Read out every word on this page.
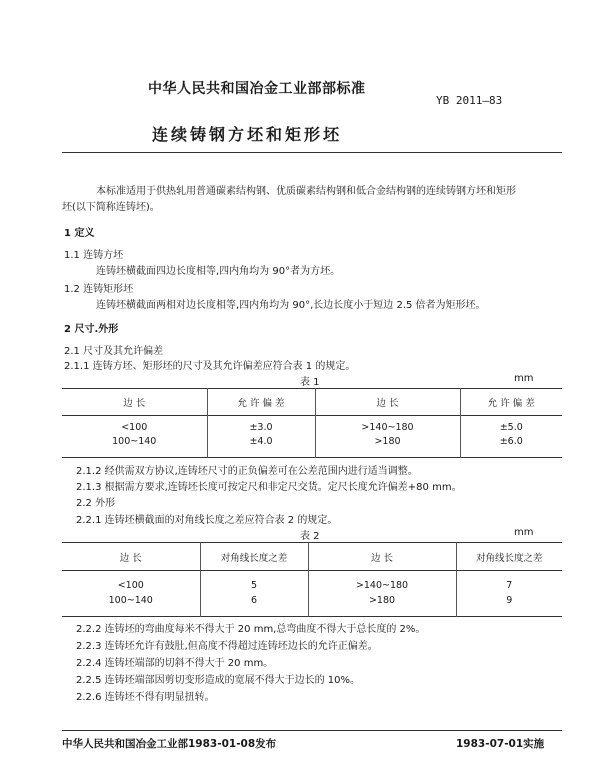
中华人民共和国冶金工业部部标准
YB 2011—83
连续铸钢方坯和矩形坯
本标准适用于供热轧用普通碳素结构钢、优质碳素结构钢和低合金结构钢的连续铸钢方坯和矩形
坯(以下简称连铸坯)。
1 定义
1.1 连铸方坯
连铸坯横截面四边长度相等,四内角均为 90°者为方坯。
1.2 连铸矩形坯
连铸坯横截面两相对边长度相等,四内角均为 90°,长边长度小于短边 2.5 倍者为矩形坯。
2 尺寸.外形
2.1 尺寸及其允许偏差
2.1.1 连铸方坯、矩形坯的尺寸及其允许偏差应符合表 1 的规定。
表 1	mm
边 长	允 许 偏 差	边 长	允 许 偏 差
<100	±3.0	>140~180	±5.0
100~140	±4.0	>180	±6.0
2.1.2 经供需双方协议,连铸坯尺寸的正负偏差可在公差范围内进行适当调整。
2.1.3 根据需方要求,连铸坯长度可按定尺和非定尺交货。定尺长度允许偏差+80 mm。
2.2 外形
2.2.1 连铸坯横截面的对角线长度之差应符合表 2 的规定。
表 2	mm
边 长	对角线长度之差	边 长	对角线长度之差
<100	5	>140~180	7
100~140	6	>180	9
2.2.2 连铸坯的弯曲度每米不得大于 20 mm,总弯曲度不得大于总长度的 2%。
2.2.3 连铸坯允许有鼓肚,但高度不得超过连铸坯边长的允许正偏差。
2.2.4 连铸坯端部的切斜不得大于 20 mm。
2.2.5 连铸坯端部因剪切变形造成的宽展不得大于边长的 10%。
2.2.6 连铸坯不得有明显扭转。
中华人民共和国冶金工业部1983-01-08发布	1983-07-01实施
